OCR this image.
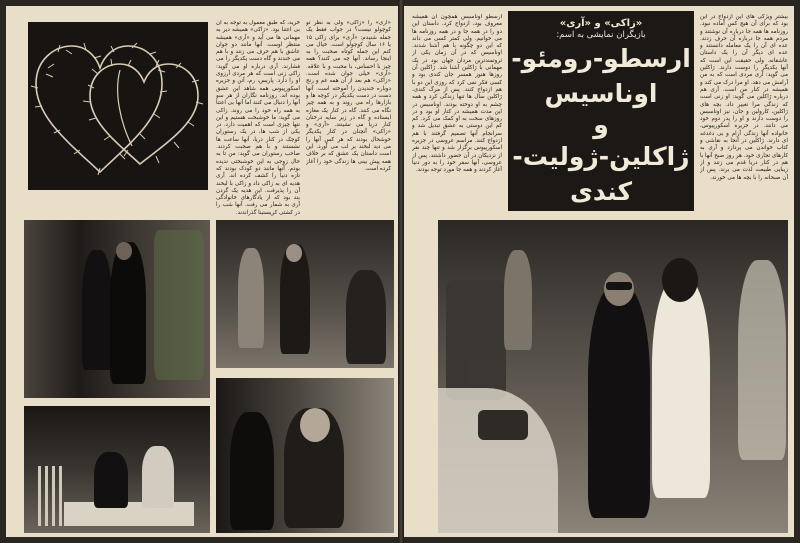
«آری» را «زاکی» ولی به نظر تو کوچولو نیست؟ در جواب فقط یک جمله شنیدم: «آری» برای زاکی ۱۵ یا ۱۶ سال کوچولو است. خیال می کنم این جمله کوتاه صحبت را به اینجا رساند. آنها چه می کنند؟ همه چیز با احساس، با محبت و با علاقه. «آری» خیلی جوان شده است. «زاکی» هم بعد از آن همه غم و رنج دوباره خندیدن را آموخته است. آنها دست در دست یکدیگر در کوچه ها و بازارها راه می روند و به همه چیز نگاه می کنند. گاه در کنار یک مغازه ایستاده و گاه در زیر سایه درختان کنار دریا می نشینند. «آری» و «زاکی» آنچنان در کنار یکدیگر خوشحال بودند که هر کس آنها را می دید لبخند بر لب می آورد. این است داستان یک عشق که بر خلاف همه پیش بینی ها زندگی خود را آغاز کرده است.

خرید، که طبق معمول به توجه به آن بی اعتنا بود. «زاکی» همیشه دیر به مهمانی ها می آید و «آری» همیشه منتظر اوست. آنها مانند دو جوان عاشق با هم حرف می زنند و با هم می خندند و گاه دست یکدیگر را می فشارند. آری درباره او می گوید: زاکی زنی است که هر مردی آرزوی او را دارد. پاریس، رم، آتن و جزیره اسکورپیوس همه شاهد این عشق بوده اند. روزنامه نگاران از هر سو آنها را دنبال می کنند اما آنها بی اعتنا به همه راه خود را می روند. زاکی می گوید: ما خوشبخت هستیم و این تنها چیزی است که اهمیت دارد. در یکی از شب ها، در یک رستوران کوچک در کنار دریا، آنها ساعت ها نشستند و با هم صحبت کردند. صاحب رستوران می گوید: من تا به حال زوجی به این خوشبختی ندیده بودم. آنها مانند دو کودک بودند که تازه دنیا را کشف کرده اند. آری هدیه ای به زاکی داد و زاکی با لبخند آن را پذیرفت. این هدیه یک گردن بند بود که از یادگارهای خانوادگی آری به شمار می رفت. آنها شب را در کشتی کریستینا گذراندند.

ارسطو اوناسیس همچون آن همیشه معروف بود، ازدواج کرد. داستان این دو را در همه جا و در همه روزنامه ها می خوانیم. ولی کمتر کسی می داند که این دو چگونه با هم آشنا شدند. اوناسیس که در آن زمان یکی از ثروتمندترین مردان جهان بود در یک مهمانی با ژاکلین آشنا شد. ژاکلین آن روزها هنوز همسر جان کندی بود و کسی فکر نمی کرد که روزی این دو با هم ازدواج کنند. پس از مرگ کندی، ژاکلین سال ها تنها زندگی کرد و همه چشم به او دوخته بودند. اوناسیس در این مدت همیشه در کنار او بود و در روزهای سخت به او کمک می کرد. کم کم این دوستی به عشق تبدیل شد و سرانجام آنها تصمیم گرفتند با هم ازدواج کنند. مراسم عروسی در جزیره اسکورپیوس برگزار شد و تنها چند نفر از نزدیکان در آن حضور داشتند. پس از عروسی، آنها سفر خود را به دور دنیا آغاز کردند و همه جا مورد توجه بودند.

«زاکی» و «آری»
بازیگران نمایشی به اسم:
ارسطو-رومئو-
اوناسیس
و
ژاکلین-ژولیت-
کندی

بیشتر ویژگی های این ازدواج در این بود که برای آن هیچ کس آماده نبود. روزنامه ها همه جا درباره آن نوشتند و مردم همه جا درباره آن حرف زدند. عده ای آن را یک معامله دانستند و عده ای دیگر آن را یک داستان عاشقانه. ولی حقیقت این است که آنها یکدیگر را دوست دارند. ژاکلین می گوید: آری مردی است که به من آرامش می دهد. او مرا درک می کند و همیشه در کنار من است. آری هم درباره ژاکلین می گوید: او زنی است که زندگی مرا تغییر داد. بچه های ژاکلین، کارولین و جان، نیز اوناسیس را دوست دارند و او را پدر دوم خود می دانند. در جزیره اسکورپیوس، خانواده آنها زندگی آرام و بی دغدغه ای دارند. ژاکلین در آنجا به نقاشی و کتاب خواندن می پردازد و آری به کارهای تجاری خود. هر روز صبح آنها با هم در کنار دریا قدم می زنند و از زیبایی طبیعت لذت می برند. پس از آن صبحانه را با بچه ها می خورند.
